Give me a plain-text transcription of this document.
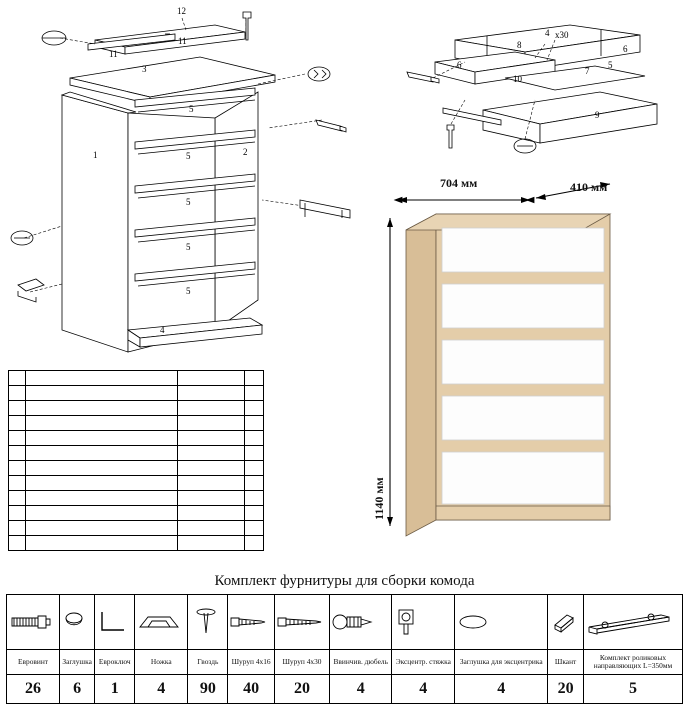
12
11
11
3
5
1	2
5
5
5
5
4
8
4 х30
6
6
10
7
5
9
704 мм	410 мм
1140 мм

Комплект фурнитуры для сборки комода

Евровинт	Заглушка	Евроключ	Ножка	Гвоздь	Шуруп 4х16	Шуруп 4х30	Ввинчив. дюбель	Эксцентр. стяжка	Заглушка для эксцентрика	Шкант	Комплект роликовых направляющих L=350мм
26	6	1	4	90	40	20	4	4	4	20	5
